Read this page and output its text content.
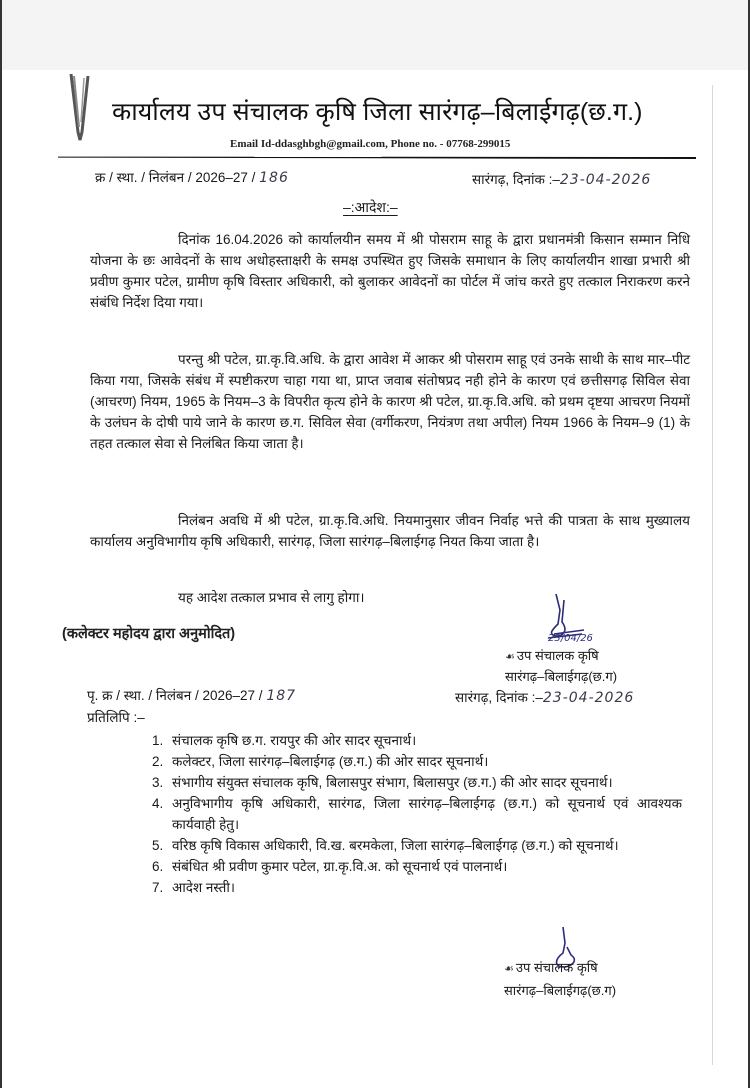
कार्यालय उप संचालक कृषि जिला सारंगढ़–बिलाईगढ़(छ.ग.)
Email Id-ddasghbgh@gmail.com, Phone no. - 07768-299015
क्र / स्था. / निलंबन / 2026–27 / 186	सारंगढ़, दिनांक :–23-04-2026
–:आदेश:–

दिनांक 16.04.2026 को कार्यालयीन समय में श्री पोसराम साहू के द्वारा प्रधानमंत्री किसान सम्मान निधि योजना के छः आवेदनों के साथ अधोहस्ताक्षरी के समक्ष उपस्थित हुए जिसके समाधान के लिए कार्यालयीन शाखा प्रभारी श्री प्रवीण कुमार पटेल, ग्रामीण कृषि विस्तार अधिकारी, को बुलाकर आवेदनों का पोर्टल में जांच करते हुए तत्काल निराकरण करने संबंधि निर्देश दिया गया।

परन्तु श्री पटेल, ग्रा.कृ.वि.अधि. के द्वारा आवेश में आकर श्री पोसराम साहू एवं उनके साथी के साथ मार–पीट किया गया, जिसके संबंध में स्पष्टीकरण चाहा गया था, प्राप्त जवाब संतोषप्रद नही होने के कारण एवं छत्तीसगढ़ सिविल सेवा (आचरण) नियम, 1965 के नियम–3 के विपरीत कृत्य होने के कारण श्री पटेल, ग्रा.कृ.वि.अधि. को प्रथम दृष्टया आचरण नियमों के उलंघन के दोषी पाये जाने के कारण छ.ग. सिविल सेवा (वर्गीकरण, नियंत्रण तथा अपील) नियम 1966 के नियम–9 (1) के तहत तत्काल सेवा से निलंबित किया जाता है।

निलंबन अवधि में श्री पटेल, ग्रा.कृ.वि.अधि. नियमानुसार जीवन निर्वाह भत्ते की पात्रता के साथ मुख्यालय कार्यालय अनुविभागीय कृषि अधिकारी, सारंगढ़, जिला सारंगढ़–बिलाईगढ़ नियत किया जाता है।

यह आदेश तत्काल प्रभाव से लागु होगा।

(कलेक्टर महोदय द्वारा अनुमोदित)	23/04/26
☙ उप संचालक कृषि
सारंगढ़–बिलाईगढ़(छ.ग)
पृ. क्र / स्था. / निलंबन / 2026–27 / 187	सारंगढ़, दिनांक :–23-04-2026
प्रतिलिपि :–
1. संचालक कृषि छ.ग. रायपुर की ओर सादर सूचनार्थ।
2. कलेक्टर, जिला सारंगढ़–बिलाईगढ़ (छ.ग.) की ओर सादर सूचनार्थ।
3. संभागीय संयुक्त संचालक कृषि, बिलासपुर संभाग, बिलासपुर (छ.ग.) की ओर सादर सूचनार्थ।
4. अनुविभागीय कृषि अधिकारी, सारंगढ, जिला सारंगढ़–बिलाईगढ़ (छ.ग.) को सूचनार्थ एवं आवश्यक कार्यवाही हेतु।
5. वरिष्ठ कृषि विकास अधिकारी, वि.ख. बरमकेला, जिला सारंगढ़–बिलाईगढ़ (छ.ग.) को सूचनार्थ।
6. संबंधित श्री प्रवीण कुमार पटेल, ग्रा.कृ.वि.अ. को सूचनार्थ एवं पालनार्थ।
7. आदेश नस्ती।
☙ उप संचालक कृषि
सारंगढ़–बिलाईगढ़(छ.ग)
